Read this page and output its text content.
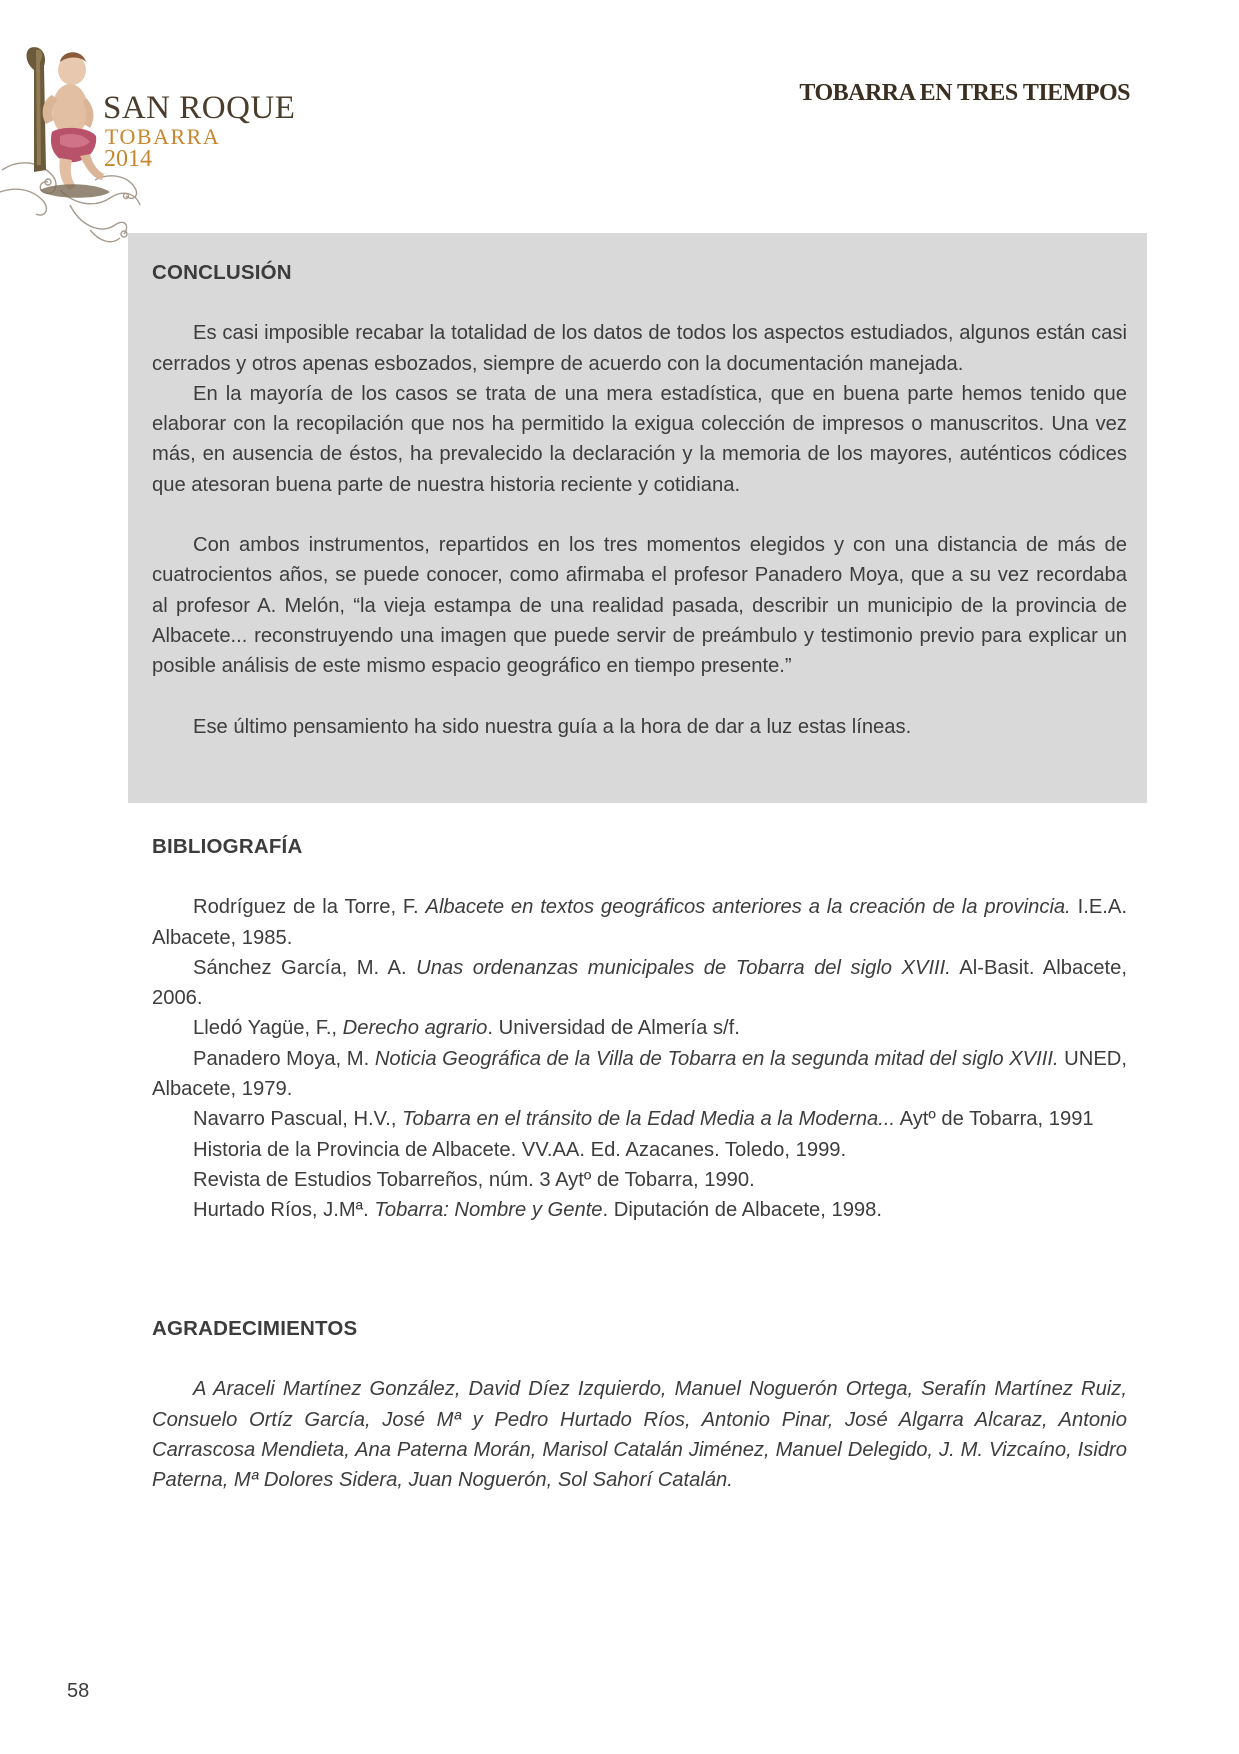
SAN ROQUE
TOBARRA
2014
TOBARRA EN TRES TIEMPOS
CONCLUSIÓN

Es casi imposible recabar la totalidad de los datos de todos los aspectos estudiados, algunos están casi cerrados y otros apenas esbozados, siempre de acuerdo con la documentación manejada.

En la mayoría de los casos se trata de una mera estadística, que en buena parte hemos tenido que elaborar con la recopilación que nos ha permitido la exigua colección de impresos o manuscritos. Una vez más, en ausencia de éstos, ha prevalecido la declaración y la memoria de los mayores, auténticos códices que atesoran buena parte de nuestra historia reciente y cotidiana.

Con ambos instrumentos, repartidos en los tres momentos elegidos y con una distancia de más de cuatrocientos años, se puede conocer, como afirmaba el profesor Panadero Moya, que a su vez recordaba al profesor A. Melón, “la vieja estampa de una realidad pasada, describir un municipio de la provincia de Albacete... reconstruyendo una imagen que puede servir de preámbulo y testimonio previo para explicar un posible análisis de este mismo espacio geográfico en tiempo presente.”

Ese último pensamiento ha sido nuestra guía a la hora de dar a luz estas líneas.

BIBLIOGRAFÍA

Rodríguez de la Torre, F. Albacete en textos geográficos anteriores a la creación de la provincia. I.E.A. Albacete, 1985.

Sánchez García, M. A. Unas ordenanzas municipales de Tobarra del siglo XVIII. Al-Basit. Albacete, 2006.

Lledó Yagüe, F., Derecho agrario. Universidad de Almería s/f.

Panadero Moya, M. Noticia Geográfica de la Villa de Tobarra en la segunda mitad del siglo XVIII. UNED, Albacete, 1979.

Navarro Pascual, H.V., Tobarra en el tránsito de la Edad Media a la Moderna... Aytº de Tobarra, 1991

Historia de la Provincia de Albacete. VV.AA. Ed. Azacanes. Toledo, 1999.

Revista de Estudios Tobarreños, núm. 3 Aytº de Tobarra, 1990.

Hurtado Ríos, J.Mª. Tobarra: Nombre y Gente. Diputación de Albacete, 1998.

AGRADECIMIENTOS

A Araceli Martínez González, David Díez Izquierdo, Manuel Noguerón Ortega, Serafín Martínez Ruiz, Consuelo Ortíz García, José Mª y Pedro Hurtado Ríos, Antonio Pinar, José Algarra Alcaraz, Antonio Carrascosa Mendieta, Ana Paterna Morán, Marisol Catalán Jiménez, Manuel Delegido, J. M. Vizcaíno, Isidro Paterna, Mª Dolores Sidera, Juan Noguerón, Sol Sahorí Catalán.

58
